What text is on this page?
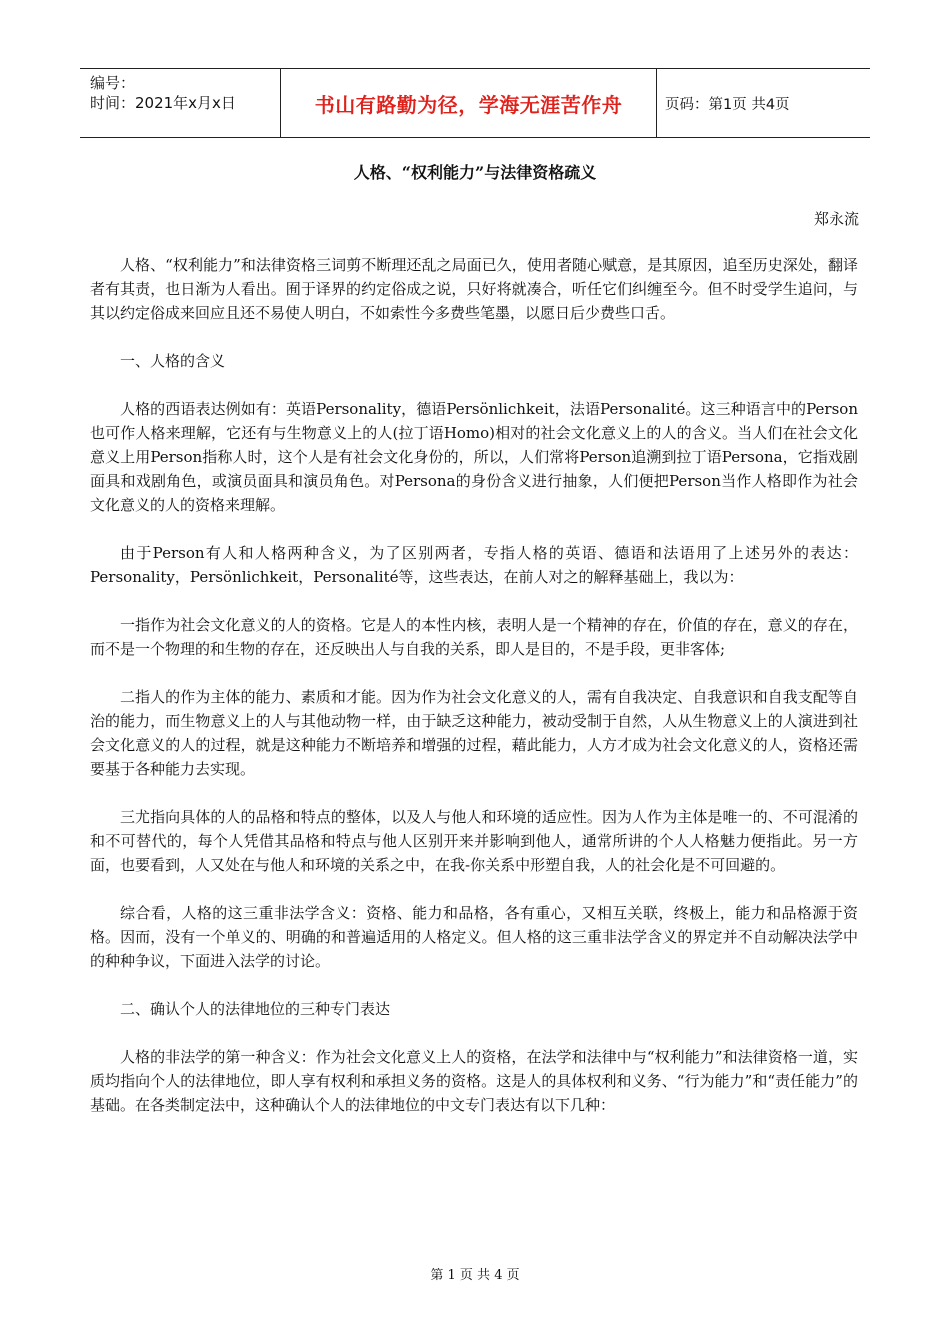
编号：
时间：2021年x月x日	书山有路勤为径，学海无涯苦作舟	页码：第1页 共4页
人格、“权利能力”与法律资格疏义
郑永流

人格、“权利能力”和法律资格三词剪不断理还乱之局面已久，使用者随心赋意，是其原因，追至历史深处，翻译者有其责，也日渐为人看出。囿于译界的约定俗成之说，只好将就凑合，听任它们纠缠至今。但不时受学生追问，与其以约定俗成来回应且还不易使人明白，不如索性今多费些笔墨，以愿日后少费些口舌。

一、人格的含义

人格的西语表达例如有：英语Personality，德语Persönlichkeit，法语Personalité。这三种语言中的Person也可作人格来理解，它还有与生物意义上的人(拉丁语Homo)相对的社会文化意义上的人的含义。当人们在社会文化意义上用Person指称人时，这个人是有社会文化身份的，所以，人们常将Person追溯到拉丁语Persona，它指戏剧面具和戏剧角色，或演员面具和演员角色。对Persona的身份含义进行抽象，人们便把Person当作人格即作为社会文化意义的人的资格来理解。

由于Person有人和人格两种含义，为了区别两者，专指人格的英语、德语和法语用了上述另外的表达：Personality，Persönlichkeit，Personalité等，这些表达，在前人对之的解释基础上，我以为：

一指作为社会文化意义的人的资格。它是人的本性内核，表明人是一个精神的存在，价值的存在，意义的存在，而不是一个物理的和生物的存在，还反映出人与自我的关系，即人是目的，不是手段，更非客体;

二指人的作为主体的能力、素质和才能。因为作为社会文化意义的人，需有自我决定、自我意识和自我支配等自治的能力，而生物意义上的人与其他动物一样，由于缺乏这种能力，被动受制于自然，人从生物意义上的人演进到社会文化意义的人的过程，就是这种能力不断培养和增强的过程，藉此能力，人方才成为社会文化意义的人，资格还需要基于各种能力去实现。

三尤指向具体的人的品格和特点的整体，以及人与他人和环境的适应性。因为人作为主体是唯一的、不可混淆的和不可替代的，每个人凭借其品格和特点与他人区别开来并影响到他人，通常所讲的个人人格魅力便指此。另一方面，也要看到，人又处在与他人和环境的关系之中，在我-你关系中形塑自我，人的社会化是不可回避的。

综合看，人格的这三重非法学含义：资格、能力和品格，各有重心，又相互关联，终极上，能力和品格源于资格。因而，没有一个单义的、明确的和普遍适用的人格定义。但人格的这三重非法学含义的界定并不自动解决法学中的种种争议，下面进入法学的讨论。

二、确认个人的法律地位的三种专门表达

人格的非法学的第一种含义：作为社会文化意义上人的资格，在法学和法律中与“权利能力”和法律资格一道，实质均指向个人的法律地位，即人享有权利和承担义务的资格。这是人的具体权利和义务、“行为能力”和“责任能力”的基础。在各类制定法中，这种确认个人的法律地位的中文专门表达有以下几种：

第 1 页 共 4 页
